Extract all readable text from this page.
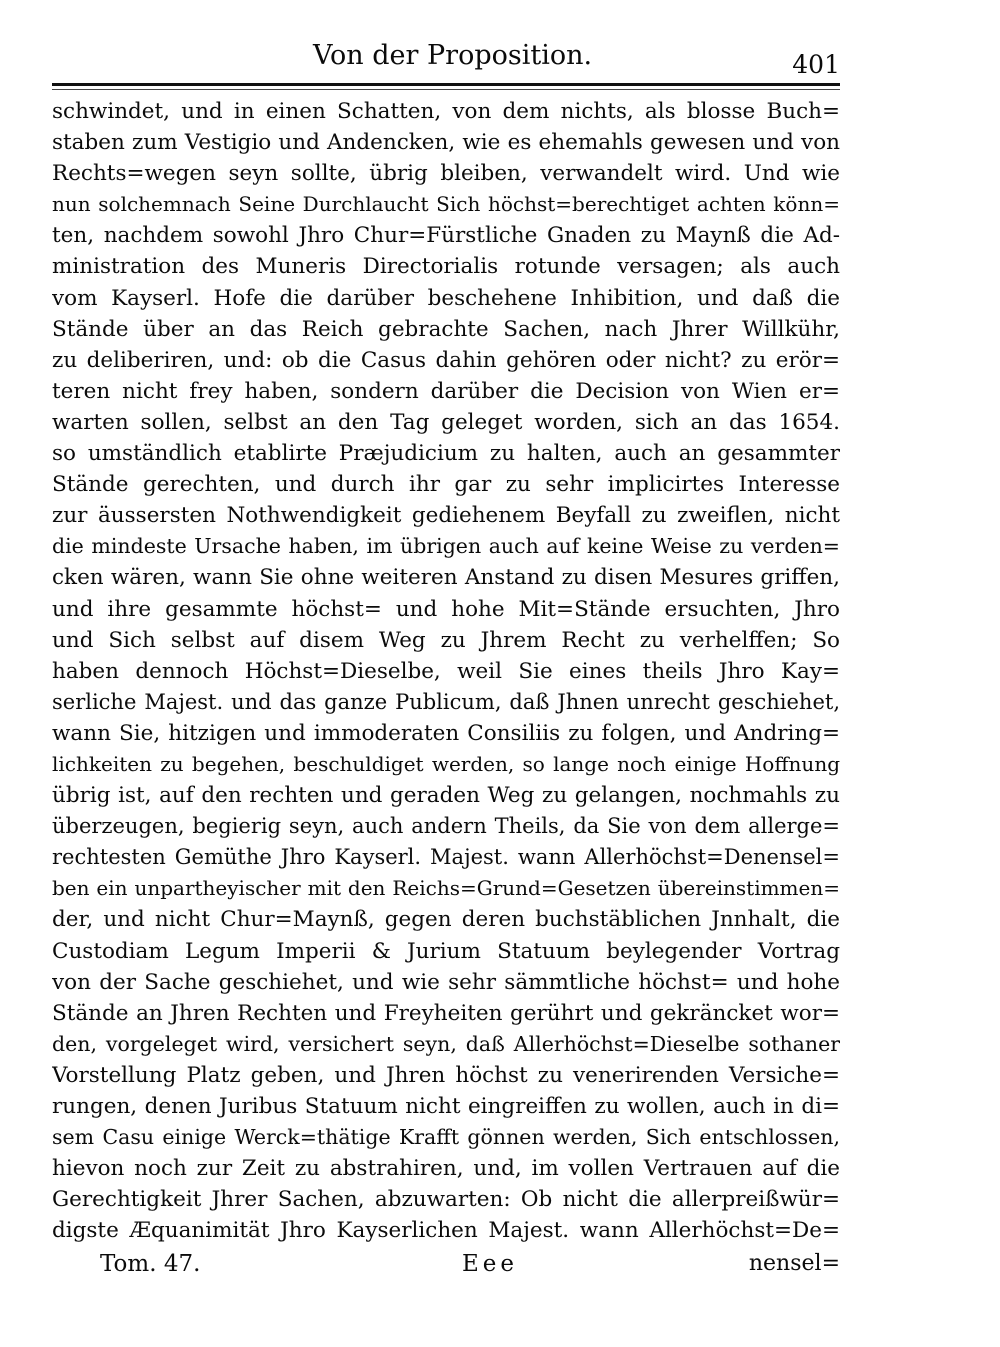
Von der Proposition.	401
schwindet, und in einen Schatten, von dem nichts, als blosse Buch=
staben zum Vestigio und Andencken, wie es ehemahls gewesen und von
Rechts=wegen seyn sollte, übrig bleiben, verwandelt wird. Und wie
nun solchemnach Seine Durchlaucht Sich höchst=berechtiget achten könn=
ten, nachdem sowohl Jhro Chur=Fürstliche Gnaden zu Maynß die Ad-
ministration des Muneris Directorialis rotunde versagen; als auch
vom Kayserl. Hofe die darüber beschehene Inhibition, und daß die
Stände über an das Reich gebrachte Sachen, nach Jhrer Willkühr,
zu deliberiren, und: ob die Casus dahin gehören oder nicht? zu erör=
teren nicht frey haben, sondern darüber die Decision von Wien er=
warten sollen, selbst an den Tag geleget worden, sich an das 1654.
so umständlich etablirte Præjudicium zu halten, auch an gesammter
Stände gerechten, und durch ihr gar zu sehr implicirtes Interesse
zur äussersten Nothwendigkeit gediehenem Beyfall zu zweiflen, nicht
die mindeste Ursache haben, im übrigen auch auf keine Weise zu verden=
cken wären, wann Sie ohne weiteren Anstand zu disen Mesures griffen,
und ihre gesammte höchst= und hohe Mit=Stände ersuchten, Jhro
und Sich selbst auf disem Weg zu Jhrem Recht zu verhelffen; So
haben dennoch Höchst=Dieselbe, weil Sie eines theils Jhro Kay=
serliche Majest. und das ganze Publicum, daß Jhnen unrecht geschiehet,
wann Sie, hitzigen und immoderaten Consiliis zu folgen, und Andring=
lichkeiten zu begehen, beschuldiget werden, so lange noch einige Hoffnung
übrig ist, auf den rechten und geraden Weg zu gelangen, nochmahls zu
überzeugen, begierig seyn, auch andern Theils, da Sie von dem allerge=
rechtesten Gemüthe Jhro Kayserl. Majest. wann Allerhöchst=Denensel=
ben ein unpartheyischer mit den Reichs=Grund=Gesetzen übereinstimmen=
der, und nicht Chur=Maynß, gegen deren buchstäblichen Jnnhalt, die
Custodiam Legum Imperii & Jurium Statuum beylegender Vortrag
von der Sache geschiehet, und wie sehr sämmtliche höchst= und hohe
Stände an Jhren Rechten und Freyheiten gerührt und gekräncket wor=
den, vorgeleget wird, versichert seyn, daß Allerhöchst=Dieselbe sothaner
Vorstellung Platz geben, und Jhren höchst zu venerirenden Versiche=
rungen, denen Juribus Statuum nicht eingreiffen zu wollen, auch in di=
sem Casu einige Werck=thätige Krafft gönnen werden, Sich entschlossen,
hievon noch zur Zeit zu abstrahiren, und, im vollen Vertrauen auf die
Gerechtigkeit Jhrer Sachen, abzuwarten: Ob nicht die allerpreißwür=
digste Æquanimität Jhro Kayserlichen Majest. wann Allerhöchst=De=
Tom. 47.	Eee	nensel=
